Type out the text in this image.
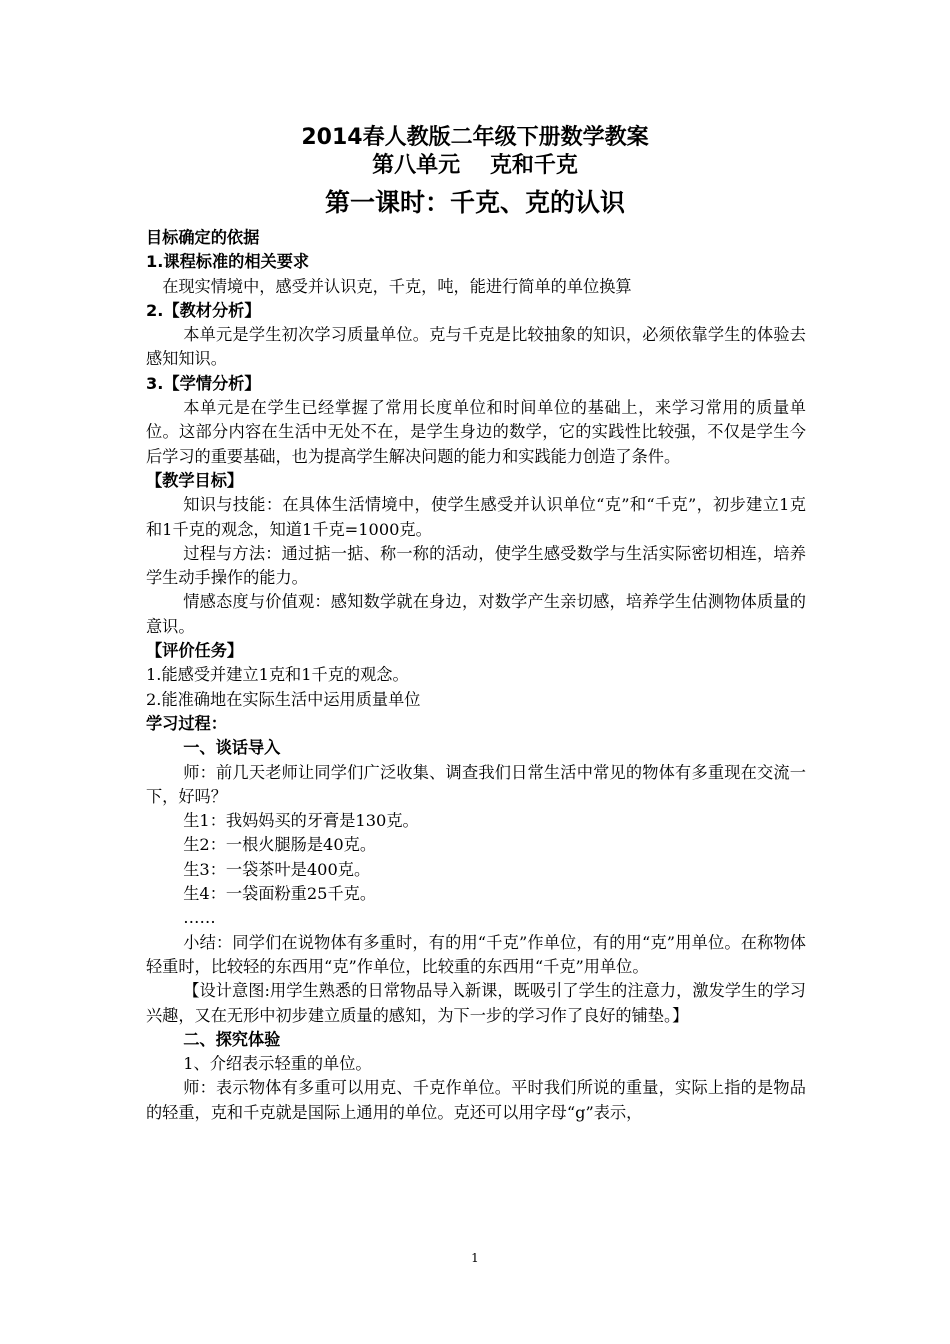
2014春人教版二年级下册数学教案
第八单元　 克和千克
第一课时：千克、克的认识

目标确定的依据

1.课程标准的相关要求

在现实情境中，感受并认识克，千克，吨，能进行简单的单位换算

2.【教材分析】

本单元是学生初次学习质量单位。克与千克是比较抽象的知识，必须依靠学生的体验去感知知识。

3.【学情分析】

本单元是在学生已经掌握了常用长度单位和时间单位的基础上，来学习常用的质量单位。这部分内容在生活中无处不在，是学生身边的数学，它的实践性比较强，不仅是学生今后学习的重要基础，也为提高学生解决问题的能力和实践能力创造了条件。

【教学目标】

知识与技能：在具体生活情境中，使学生感受并认识单位“克”和“千克”，初步建立1克和1千克的观念，知道1千克=1000克。

过程与方法：通过掂一掂、称一称的活动，使学生感受数学与生活实际密切相连，培养学生动手操作的能力。

情感态度与价值观：感知数学就在身边，对数学产生亲切感，培养学生估测物体质量的意识。

【评价任务】

1.能感受并建立1克和1千克的观念。

2.能准确地在实际生活中运用质量单位

学习过程：

一、谈话导入

师：前几天老师让同学们广泛收集、调查我们日常生活中常见的物体有多重现在交流一下，好吗？

生1：我妈妈买的牙膏是130克。

生2：一根火腿肠是40克。

生3：一袋茶叶是400克。

生4：一袋面粉重25千克。

……

小结：同学们在说物体有多重时，有的用“千克”作单位，有的用“克”用单位。在称物体轻重时，比较轻的东西用“克”作单位，比较重的东西用“千克”用单位。

【设计意图:用学生熟悉的日常物品导入新课，既吸引了学生的注意力，激发学生的学习兴趣，又在无形中初步建立质量的感知，为下一步的学习作了良好的铺垫。】

二、探究体验

1、介绍表示轻重的单位。

师：表示物体有多重可以用克、千克作单位。平时我们所说的重量，实际上指的是物品的轻重，克和千克就是国际上通用的单位。克还可以用字母“g”表示，

1
